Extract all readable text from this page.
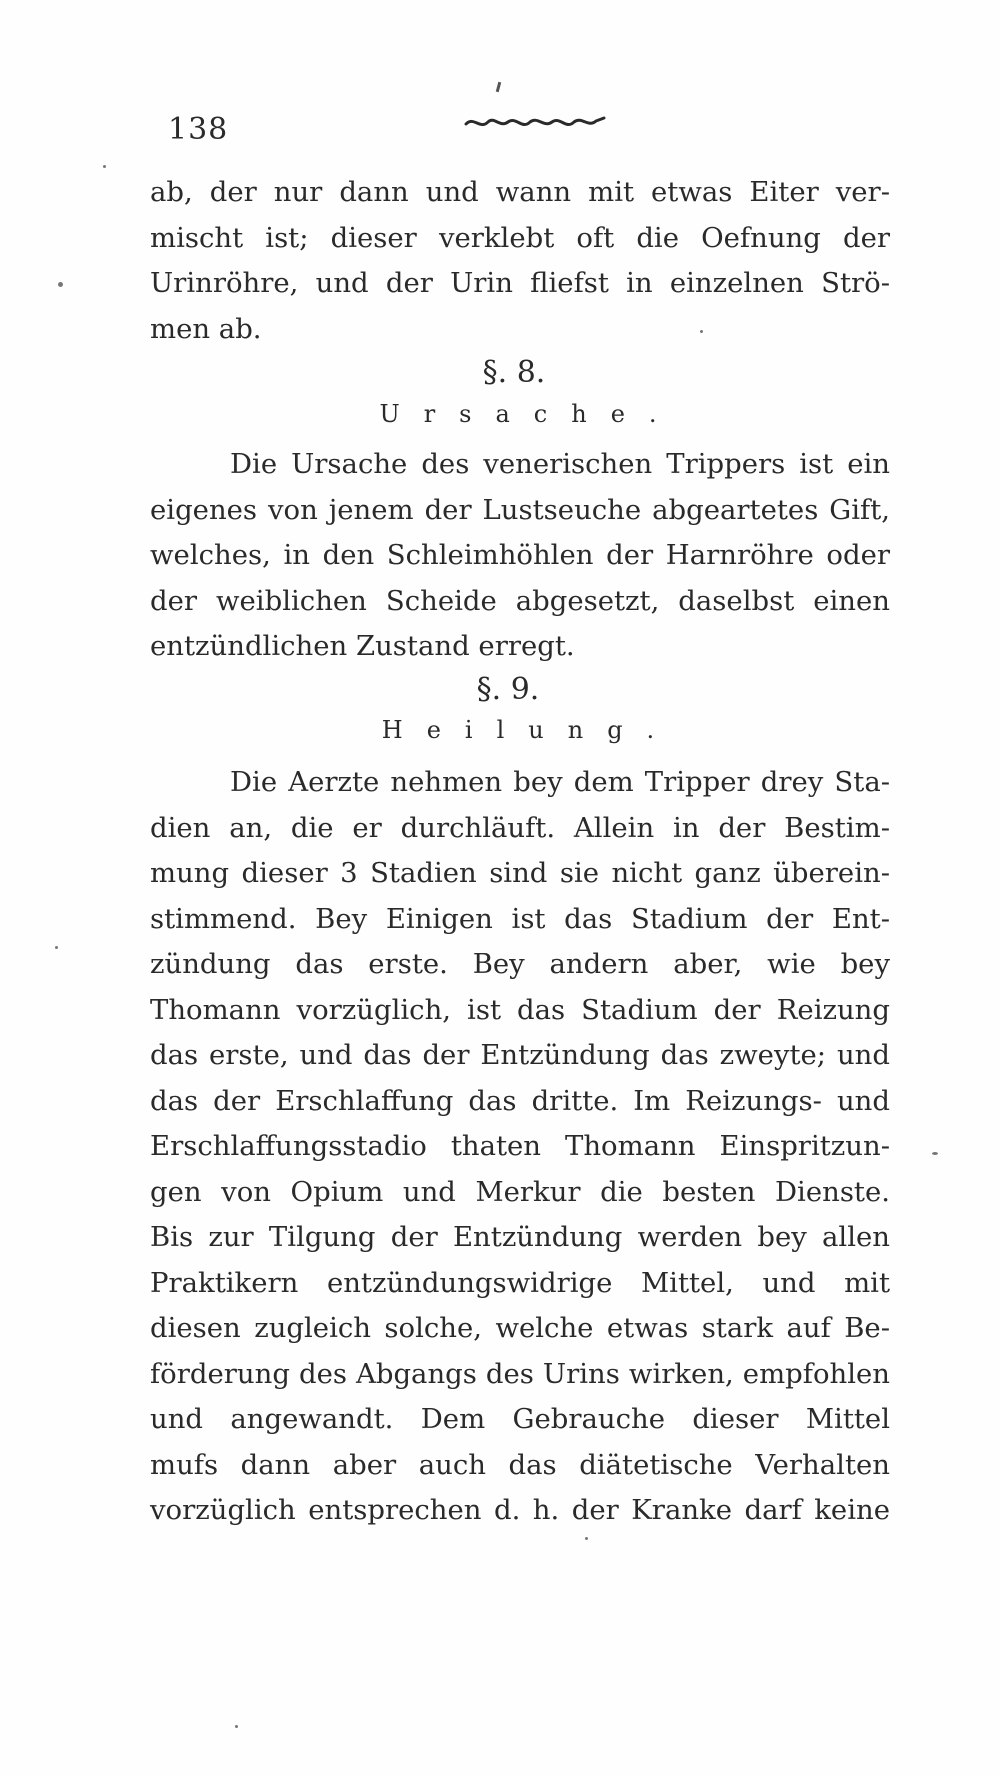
138
ab, der nur dann und wann mit etwas Eiter ver-
mischt ist; dieser verklebt oft die Oefnung der
Urinröhre, und der Urin fliefst in einzelnen Strö-
men ab.
§. 8.
Ursache.
Die Ursache des venerischen Trippers ist ein
eigenes von jenem der Lustseuche abgeartetes Gift,
welches, in den Schleimhöhlen der Harnröhre oder
der weiblichen Scheide abgesetzt, daselbst einen
entzündlichen Zustand erregt.
§. 9.
Heilung.
Die Aerzte nehmen bey dem Tripper drey Sta-
dien an, die er durchläuft. Allein in der Bestim-
mung dieser 3 Stadien sind sie nicht ganz überein-
stimmend. Bey Einigen ist das Stadium der Ent-
zündung das erste. Bey andern aber, wie bey
Thomann vorzüglich, ist das Stadium der Reizung
das erste, und das der Entzündung das zweyte; und
das der Erschlaffung das dritte. Im Reizungs- und
Erschlaffungsstadio thaten Thomann Einspritzun-
gen von Opium und Merkur die besten Dienste.
Bis zur Tilgung der Entzündung werden bey allen
Praktikern entzündungswidrige Mittel, und mit
diesen zugleich solche, welche etwas stark auf Be-
förderung des Abgangs des Urins wirken, empfohlen
und angewandt. Dem Gebrauche dieser Mittel
mufs dann aber auch das diätetische Verhalten
vorzüglich entsprechen d. h. der Kranke darf keine
